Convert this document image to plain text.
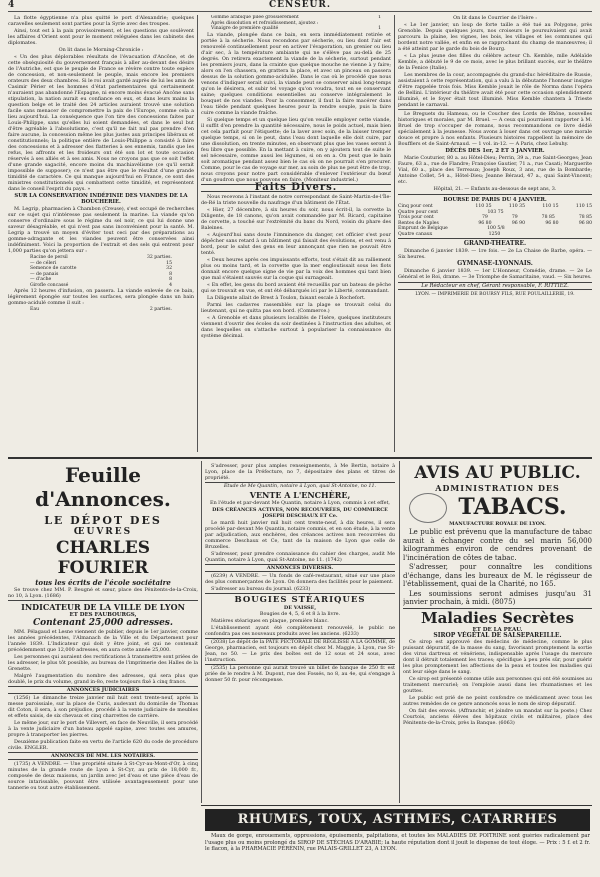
4	CENSEUR.

La flotte égyptienne n'a plus quitté le port d'Alexandrie; quelques caravelles seulement sont parties pour la Syrie avec des troupes.

Ainsi, tout est à la paix provisoirement, et les questions que soulèvent les affaires d'Orient sont pour le moment reléguées dans les cabinets des diplomates.

On lit dans le Morning-Chronicle :

« Un des plus déplorables résultats de l'évacuation d'Ancône, et de cette obséquiosité du gouvernement français à aller au-devant des désirs de l'Autriche, est que le peuple de France se révère contre toute espèce de concession, et non-seulement le peuple, mais encore les premiers orateurs des deux chambres. Si le roi avait gardé auprès de lui les amis de Casimir Périer et les hommes d'état parlementaires qui certainement n'auraient pas abandonné l'Espagne, ni encore moins évacué Ancône sans stipulation, la nation aurait eu confiance en eux, et dans leurs mains la question belge et le traité des 24 articles auraient trouvé une solution facile sans menacer de compromettre la paix de l'Europe, comme cela a lieu aujourd'hui. La conséquence que l'on tire des concessions faites par Louis-Philippe, sans qu'elles lui soient demandées, et dans le seul but d'être agréable à l'absolutisme, c'est qu'il ne fait nul pas prendre d'en faire aucune, la concession même les plus justes aux principes libéraux et constitutionnels; la politique entière de Louis-Philippe a consisté à faire des concessions et à adresser des flatteries à ses ennemis, tandis que les refus, les affronts et les froideurs ont été son lot et toute occasion réservés à ses alliés et à ses amis. Nous ne croyons pas que ce soit l'effet d'une grande sagacité, encore moins du machiavélisme (ce qu'il serait impossible de supposer); ce n'est pas être que le résultat d'une grande timidité de caractère. Ce qui manque aujourd'hui en France, ce sont des ministres constitutionnels qui combattent cette timidité, et représentent dans le conseil l'esprit du pays. »

SUR LA CONSERVATION INDÉFINIE DES VIANDES DE LA BOUCHERIE.

M. Legrip, pharmacien à Chambon (Creuse), s'est occupé de recherches sur ce sujet qui n'intéresse pas seulement la marine. La viande qu'on conserve d'ordinaire sous le régime du sel noir, ce qui lui donne une saveur désagréable, et qui n'est pas sans inconvénient pour la santé. M. Legrip a trouvé un moyen d'éviter tout ceci par des préparations au gomme-adragante et les viandes peuvent être conservées ainsi indéfiniment. Voici la proportion de l'extrait et des sels qui entrent pour 1,000 parties qu'on jettera sur :

Racine de persil	32 parties.
— de céleri	15
Semence de carotte	32
— de panais	8
— d'ache	8
Girofle concassé	4

Après 12 heures d'infusion, on passera. La viande enlevée de ce bain, légèrement épongée sur toutes les surfaces, sera plongée dans un bain gommo-acidulé comme il suit :

Eau	2 parties.
Gomme arabique pilée grossièrement	1
Après dissolution et refroidissement, ajoutez :
Vinaigre de première qualité	1

La viande, plongée dans ce bain, en sera immédiatement retirée et portée à la sécherie. Nous recondons par sécherie, ou lieu dont l'air est renouvelé continuellement pour en activer l'évaporation, un grenier ou lieu d'air sec, à la température ambiante qui ne s'élève pas au-delà de 25 degrés. On retirera exactement la viande de la sécherie, surtout pendant les premiers jours, dans la crainte que quelque mouche ne vienne à y faire; alors on l'en chassera, en grattera la place, et avec un pinceau on passera dessus de la solution gommo-acidulée. Dans le cas où le procédé que nous venons d'indiquer serait suivi, la viande peut se conserver ainsi long-temps qu'on le désirera, et subir tel voyage qu'on voudra, tout en se conservant saine; quelques conditions essentielles au conserve intégralement le bouquet de nos viandes. Pour la consommer, il faut la faire macérer dans l'eau tiède pendant quelques heures pour la rendre souple, puis la faire cuire comme la viande fraîche.

Si quelque temps et un quelque lieu qu'on veuille employer cette viande, il suffit d'en prendre la quantité nécessaire, nous le poids actuel, mais bien cet cela parfait pour l'étiquette; de la laver avec soin, de la laisser tremper quelque temps, si on le peut, dans l'eau dont laquelle elle doit cuire, par une dissolution, en trente minutes, en observant plus que les vases seront à feu libre que possible. En la mettant à cuire, on y ajoutera tout de suite le sel nécessaire, comme aussi les légumes, si on en a. On peut que le bain soit aromatique pendant assez bien le cas où on ne pourrait s'en procurer. Comme, pour le cas de voyage sur mer, au soin de plus ne peut être de trop, nous croyons pour notre part considérable d'enlever l'extérieur du bœuf d'un goudron que nous pouvons en faire. (Moniteur industriel.)

Faits Divers.

Nous recevons à l'instant de notre correspondant de Saint-Martin-de-l'Île-de-Ré la triste nouvelle du naufrage d'un bâtiment de l'État.

« Hier, 27 décembre, à six heures du soir, nous écrit-il, la corvette la Diligente, de 18 canons, qu'on avait commandée par M. Ricard, capitaine de corvette, a touché sur l'extrémité du banc du Nord, voisin du phare des Baleines.

« Aujourd'hui sans doute l'imminence du danger, cet officier s'est pour dépêcher sans retard à un bâtiment qui faisait des évolutions, et est venu à bord, pour le salut des gens en leur annonçant que rien ne pouvait être tenté.

« Deux heures après ces impuissants efforts, tout s'était dit au ralliement plus ou moins tard, et la corvette que la mer engloutissait sous les flots donnait encore quelque signe de vie par la voix des hommes qui tant bien que mal s'étaient sauvés sur la coque qui surnageait.

« En effet, les gens du bord avaient été recueillis par un bateau de pêche qui se trouvait en vue, et ont été débarqués ici par le Liberté, commandant.

La Diligente allait de Brest à Toulon, faisant escale à Rochefort.

Parmi les cadavres rassemblés sur la plage se trouvait celui du lieutenant, qui ne quitta pas son bord. (Commerce.)

« A Grenoble et dans plusieurs localités de l'Isère, quelques instituteurs viennent d'ouvrir des écoles du soir destinées à l'instruction des adultes, et dans lesquelles on s'attache surtout à populariser la connaissance du système décimal.

On lit dans le Courrier de l'Isère :

« Le 1er janvier, un loup de forte taille a été tué au Polygone, près Grenoble. Depuis quelques jours, nos croiseurs le poursuivaient qui avait parcouru la plaine, les vignes, les bois, les villages et les communes qui bordent notre vallée, et enfin en se rapprochant du champ de manœuvres; il a été atteint par le garde du bois de Bourg.

« La plus jeune des filles du célèbre acteur Ch. Kemble, mlle Adélaïde Kemble, a débuté le 9 de ce mois, avec le plus brillant succès, sur le théâtre de la Fenice (Italie).

Les membres de la cour, accompagnés du grand-duc héréditaire de Russie, assistaient à cette représentation, qui a valu à la débutante l'honneur insigne d'être rappelée trois fois. Miss Kemble jouait le rôle de Norma dans l'opéra de Bellini. L'intérieur du théâtre avait été pour cette occasion splendidement illuminé, et le foyer était tout illuminé. Miss Kemble chantera à Trieste pendant le carnaval.

Le Breguets du Hameau, ou le Coucher des Lords de Rhône, nouvelles historiques et morales, par M. Bruel. — A ceux qui pourraient rapporter à M. Bruel de trop s'occuper de romans, nous recommandons ce livre dédié spécialement à la jeunesse. Nous avons à louer dans cet ouvrage une morale douce et propre à nos enfants. Plusieurs histoires rappellent la mémoire de Boufflers et de Saint-Arnaud. — 1 vol. in-12. — A Paris, chez Lebuhy.

DÉCÈS DES 1er, 2 ET 3 JANVIER.

Marie Couturier, 80 a. au Hôtel-Dieu; Perrin, 39 a., rue Saint-Georges; Jean Faure, 63 a., rue de Flandre; Françoise Gautier, 71 a., rue Casati; Marguerite Vial, 60 a., place des Terreaux; Joseph Roux, 3 ans, rue de la Bombarde; Antoine Collet, 54 a., Hôtel-Dieu; Jeanne Béraud, 47 a., quai Saint-Vincent; etc.

Hôpital, 21. — Enfants au-dessous de sept ans, 3.

BOURSE DE PARIS DU 4 JANVIER.

Cinq pour cent	110 35	110 35	110 15	110 15
Quatre pour cent	103 75
Trois pour cent	79	79	78 85	78 85
Rentes de Naples	96 80	96 90	96 80	96 80
Emprunt de Belgique	100 5/8
Quatre canaux	1250

GRAND-THEATRE.

Dimanche 6 janvier 1839. — 1re fois. — 2e La Chaise de Barbe, opéra. — Six heures.

GYMNASE-LYONNAIS.

Dimanche 6 janvier 1839. — 1er L'Honneur, Comédie, drame. — 2e Le Général et le Roi, drame. — 3e Triomphe de Samaritaine, vaud. — Six heures.

Le Rédacteur en chef, Gérant responsable, F. RITTIEZ.

LYON. — IMPRIMERIE DE BOURSY FILS, RUE POULAILLERIE, 19.

Feuille d'Annonces.
LE DÉPOT DES
ŒUVRES
CHARLES FOURIER
tous les écrits de l'école sociétaire

Se trouve chez MM. P. Beugné et sœur, place des Pénitents-de-la-Croix, no 10, à Lyon. (1686)

INDICATEUR DE LA VILLE DE LYON
ET DES FAUBOURGS,
Contenant 25,000 adresses.

MM. Pélagaud et Lesne viennent de publier, depuis le 1er janvier, comme les années précédentes, l'Almanach de la Ville et du Département pour l'année 1839. L'Indicateur qui doit y être joint, et qui ne contenait précédemment que 12,000 adresses, en aura cette année 25,000.

Les personnes qui auraient des rectifications à transmettre sont priées de les adresser, le plus tôt possible, au bureau de l'imprimerie des Halles de la Grenette.

Malgré l'augmentation du nombre des adresses, qui sera plus que doublé, le prix du volume, grand in-8o, reste toujours fixé à cinq francs.

ANNONCES JUDICIAIRES

(1256) Le dimanche treize janvier mil huit cent trente-neuf, après la messe paroissiale, sur la place de Curis, audevant du domicile de Thomas dit Coton, il sera, à son préjudice, procédé à la vente judiciaire de meubles et effets saisis, de six chevaux et cinq charrettes de carrière.

Le même jour, sur le port de Villevert, en face de Neuville, il sera procédé à la vente judiciaire d'un bateau appelé sapine, avec toutes ses amures, propre à transporter les pierres.

Deuxième publication faite en vertu de l'article 620 du code de procédure civile. ENGLER.

ANNONCES DE MM. LES NOTAIRES.

(1735) A VENDRE. — Une propriété située à St-Cyr-au-Mont-d'Or, à cinq minutes de la grande route de Lyon à St-Cyr, au prix de 18,000 fr., composée de deux maisons, un jardin avec jet d'eau et une pièce d'eau de source intarissable, pouvant être utilisée avantageusement pour une tannerie ou tout autre établissement.

S'adresser, pour plus amples renseignements, à Me Bertin, notaire à Lyon, place de la Préfecture, no 7, dépositaire des plans et titres de propriété.

Étude de Me Quantin, notaire à Lyon, quai St-Antoine, no 11.

VENTE A L'ENCHÈRE,

En l'étude et par-devant Me Quantin, notaire à Lyon, commis à cet effet,

DES CRÉANCES ACTIVES, NON RECOUVRÉES, DU COMMERCE JOSEPH DESCHAUX ET Ce.

Le mardi huit janvier mil huit cent trente-neuf, à dix heures, il sera procédé par-devant Me Quantin, notaire commis, et en son étude, à la vente par adjudication, aux enchères, des créances actives non recouvrées du commerce Deschaux et Ce, tant de la maison de Lyon que celle de Bruxelles.

S'adresser, pour prendre connaissance du cahier des charges, audit Me Quantin, notaire à Lyon, quai St-Antoine, no 11. (1742)

ANNONCES DIVERSES.

(6239) A VENDRE. — Un fonds de café-restaurant, situé sur une place des plus commerçantes de Lyon. On donnera des facilités pour le paiement.

S'adresser au bureau du journal. (6233)

BOUGIES STÉARIQUES
DE VAISSE,

Bougies de 4, 5, 6 et 8 à la livre.

Matières stéariques en plaque, première blanc.

L'établissement ayant été complètement renouvelé, le public ne confondra pas ces nouveaux produits avec les anciens. (6233)

(2038) Le dépôt de la PÂTE PECTORALE DE RÉGLISSE A LA GOMME, de George, pharmacien, est toujours en dépôt chez M. Maggie, à Lyon, rue St-Jean, no 50. — Le prix des boîtes est de 12 sous et 24 sous, avec l'instruction.

(2535) La personne qui aurait trouvé un billet de banque de 250 fr. est priée de le rendre à M. Dupont, rue des Fossés, no 8, au 4e, qui s'engage à donner 50 fr. pour récompense.

AVIS AU PUBLIC.
ADMINISTRATION DES
TABACS.

MANUFACTURE ROYALE DE LYON.

Le public est prévenu que la manufacture de tabac aurait à échanger contre du sel marin 56,000 kilogrammes environ de cendres provenant de l'incinération de côtes de tabac.

S'adresser, pour connaître les conditions d'échange, dans les bureaux de M. le régisseur de l'établissement, quai de la Charité, no 165.

Les soumissions seront admises jusqu'au 31 janvier prochain, à midi. (8075)

Maladies Secrètes
ET DE LA PEAU.
SIROP VÉGÉTAL DE SALSEPAREILLE.

Ce sirop est approuvé des médecins de médecine, comme le plus puissant dépuratif, de la masse du sang, favorisant promptement la sortie des virus dartreux et vénériens, indispensable après l'usage du mercure dont il détruit totalement les traces; spécifique à peu près sûr, pour guérir les plus promptement les affections de la peau et toutes les maladies qui ont leur siège dans le sang.

Ce sirop est présenté comme utile aux personnes qui ont été soumises au traitement mercuriel; on l'emploie aussi dans les rhumatismes et les gouttes.

Le public est prié de ne point confondre ce médicament avec tous les autres remèdes de ce genre annoncés sous le nom de sirop dépuratif.

On fait des envois. (Affranchir, et joindre un mandat sur la poste.) Chez Courtois, anciens élèves des hôpitaux civils et militaires, place des Pénitents-de-la-Croix, près la Banque. (6063)

RHUMES, TOUX, ASTHMES, CATARRHES

Maux de gorge, enrouements, oppressions, épuisements, palpitations, et toutes les MALADIES DE POITRINE sont guéries radicalement par l'usage plus ou moins prolongé du SIROP DE STÉCHAS D'ARABIE; la haute réputation dont il jouit le dispense de tout éloge. — Prix : 5 f. et 2 fr. le flacon, à la PHARMACIE PÉRÉNIN, rue PALAIS-GRILLET 23, A LYON.
